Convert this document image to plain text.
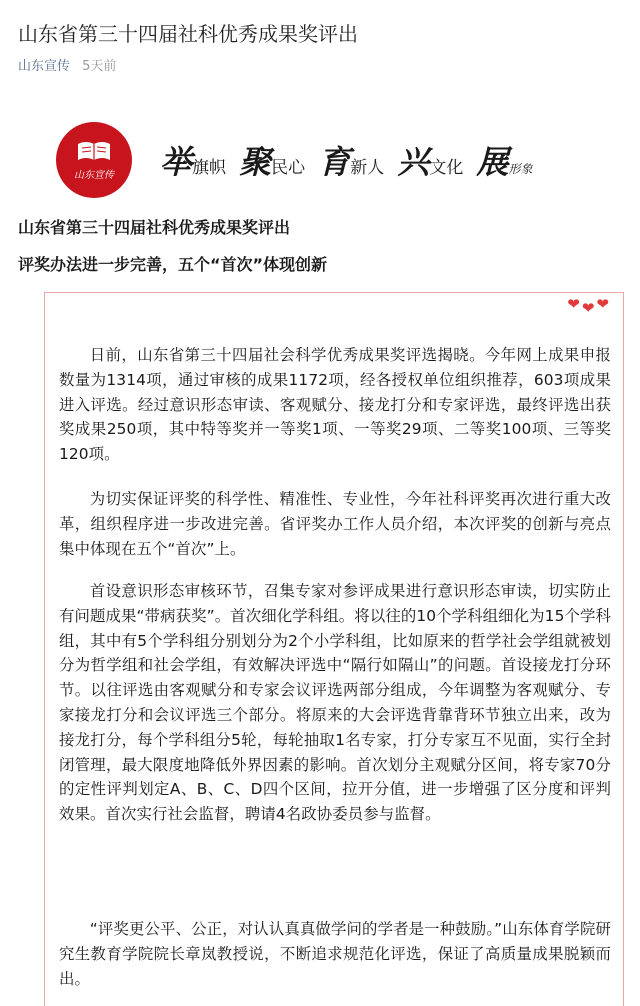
山东省第三十四届社科优秀成果奖评出
山东宣传 5天前
山东宣传	举旗帜 聚民心 育新人 兴文化 展形象
山东省第三十四届社科优秀成果奖评出
评奖办法进一步完善，五个“首次”体现创新
❤❤❤

日前，山东省第三十四届社会科学优秀成果奖评选揭晓。今年网上成果申报数量为1314项，通过审核的成果1172项，经各授权单位组织推荐，603项成果进入评选。经过意识形态审读、客观赋分、接龙打分和专家评选，最终评选出获奖成果250项，其中特等奖并一等奖1项、一等奖29项、二等奖100项、三等奖120项。

为切实保证评奖的科学性、精准性、专业性，今年社科评奖再次进行重大改革，组织程序进一步改进完善。省评奖办工作人员介绍，本次评奖的创新与亮点集中体现在五个“首次”上。

首设意识形态审核环节，召集专家对参评成果进行意识形态审读，切实防止有问题成果“带病获奖”。首次细化学科组。将以往的10个学科组细化为15个学科组，其中有5个学科组分别划分为2个小学科组，比如原来的哲学社会学组就被划分为哲学组和社会学组，有效解决评选中“隔行如隔山”的问题。首设接龙打分环节。以往评选由客观赋分和专家会议评选两部分组成，今年调整为客观赋分、专家接龙打分和会议评选三个部分。将原来的大会评选背靠背环节独立出来，改为接龙打分，每个学科组分5轮，每轮抽取1名专家，打分专家互不见面，实行全封闭管理，最大限度地降低外界因素的影响。首次划分主观赋分区间，将专家70分的定性评判划定A、B、C、D四个区间，拉开分值，进一步增强了区分度和评判效果。首次实行社会监督，聘请4名政协委员参与监督。

“评奖更公平、公正，对认认真真做学问的学者是一种鼓励。”山东体育学院研究生教育学院院长章岚教授说，不断追求规范化评选，保证了高质量成果脱颖而出。
